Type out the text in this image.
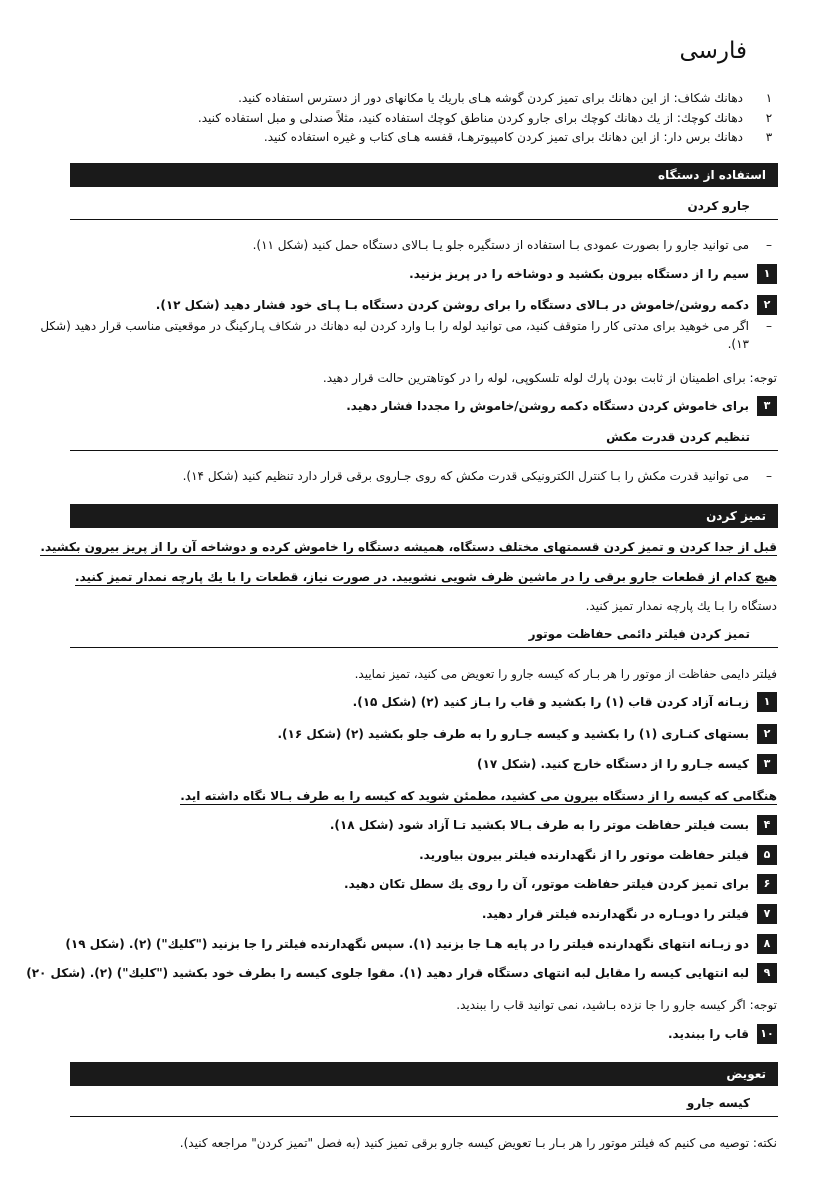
فارسی
۱
دهانك شكاف: از این دهانك برای تمیز كردن گوشه هـای باریك یا مكانهای دور از دسترس استفاده كنید.
۲
دهانك كوچك: از یك دهانك كوچك برای جارو كردن مناطق كوچك استفاده كنید، مثلاً صندلی و مبل استفاده كنید.
۳
دهانك برس دار: از این دهانك برای تمیز كردن كامپیوترهـا، قفسه هـای كتاب و غیره استفاده كنید.
استفاده از دستگاه
جارو کردن
–
می توانید جارو را بصورت عمودی بـا استفاده از دستگیره جلو یـا بـالای دستگاه حمل كنید (شكل ۱۱).
۱
سیم را از دستگاه بیرون بكشید و دوشاخه را در پریز بزنید.
۲
دكمه روشن/خاموش در بـالای دستگاه را برای روشن كردن دستگاه بـا پـای خود فشار دهید (شكل ۱۲).
–
اگر می خوهید برای مدتی كار را متوقف كنید، می توانید لوله را بـا وارد كردن لبه دهانك در شكاف پـاركینگ در موقعیتی مناسب قرار دهید (شكل ۱۳).
توجه: برای اطمینان از ثابت بودن پارك لوله تلسکوپی، لوله را در كوتاهترین حالت قرار دهید.
۳
برای خاموش كردن دستگاه دكمه روشن/خاموش را مجددا فشار دهید.
تنظیم کردن قدرت مكش
–
می توانید قدرت مكش را بـا كنترل الكترونیكی قدرت مكش كه روی جـاروی برقی قرار دارد تنظیم كنید (شكل ۱۴).
تمیز کردن
قبل از جدا كردن و تمیز كردن قسمتهای مختلف دستگاه، همیشه دستگاه را خاموش كرده و دوشاخه آن را از پریز بیرون بكشید.
هیچ كدام از قطعات جارو برقی را در ماشین ظرف شویی نشویید. در صورت نیاز، قطعات را با یك پارچه نمدار تمیز كنید.
دستگاه را بـا یك پارچه نمدار تمیز كنید.
تمیز کردن فیلتر دائمی حفاظت موتور
فیلتر دایمی حفاظت از موتور را هر بـار كه كیسه جارو را تعویض می كنید، تمیز نمایید.
۱
زبـانه آزاد كردن قاب (۱) را بكشید و قاب را بـاز كنید (۲) (شكل ۱۵).
۲
بستهای كنـاری (۱) را بكشید و كیسه جـارو را به طرف جلو بكشید (۲) (شكل ۱۶).
۳
كیسه جـارو را از دستگاه خارج كنید. (شكل ۱۷)
هنگامی كه كیسه را از دستگاه بیرون می كشید، مطمئن شوید كه كیسه را به طرف بـالا نگاه داشته اید.
۴
بست فیلتر حفاظت موتر را به طرف بـالا بكشید تـا آزاد شود (شكل ۱۸).
۵
فیلتر حفاظت موتور را از نگهدارنده فیلتر بیرون بیاورید.
۶
برای تمیز كردن فیلتر حفاظت موتور، آن را روی یك سطل تكان دهید.
۷
فیلتر را دوبـاره در نگهدارنده فیلتر قرار دهید.
۸
دو زبـانه انتهای نگهدارنده فیلتر را در پایه هـا جا بزنید (۱). سپس نگهدارنده فیلتر را جا بزنید ("كلیك") (۲). (شكل ۱۹)
۹
لبه انتهایی كیسه را مقابل لبه انتهای دستگاه قرار دهید (۱). مقوا جلوی كیسه را بطرف خود بكشید ("كلیك") (۲). (شكل ۲۰)
توجه: اگر كیسه جارو را جا نزده بـاشید، نمی توانید قاب را ببندید.
۱۰
قاب را ببندید.
تعویض
كیسه جارو
نكته: توصیه می كنیم كه فیلتر موتور را هر بـار بـا تعویض كیسه جارو برقی تمیز كنید (به فصل "تمیز کردن" مراجعه كنید).
